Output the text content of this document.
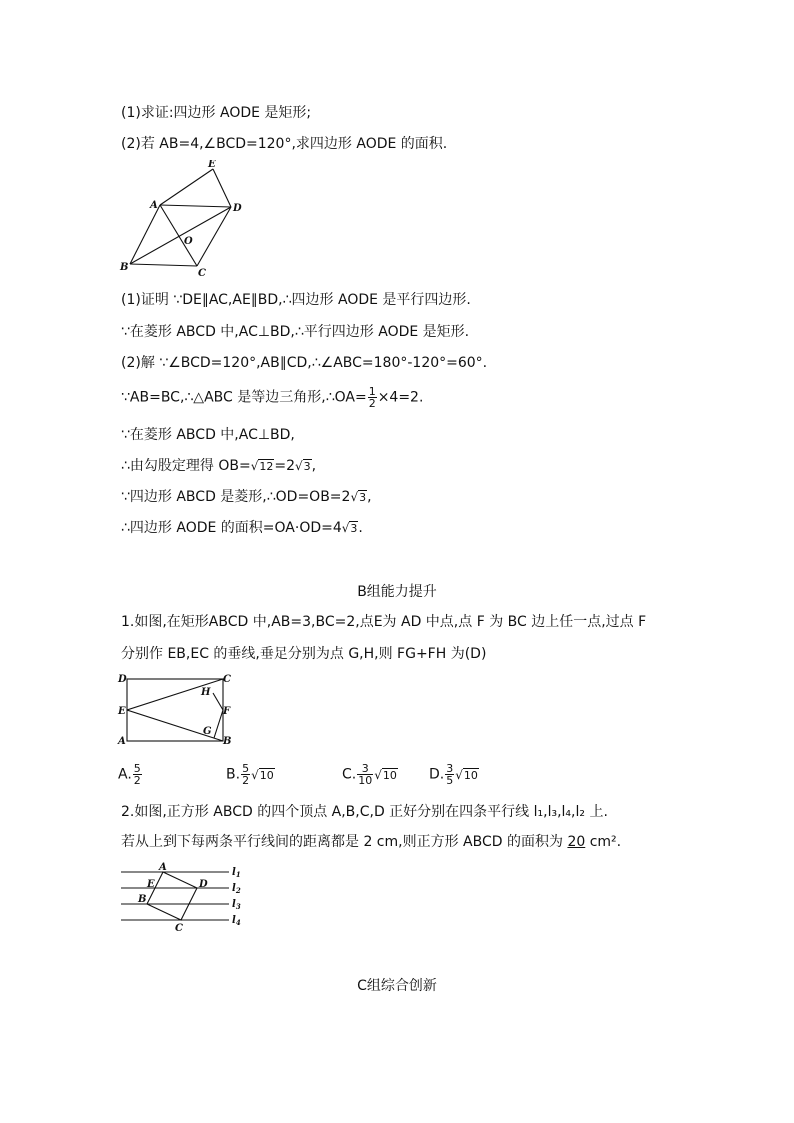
(1)求证:四边形 AODE 是矩形;
(2)若 AB=4,∠BCD=120°,求四边形 AODE 的面积.
A
B
C
D
E
O
(1)证明 ∵DE∥AC,AE∥BD,∴四边形 AODE 是平行四边形.
∵在菱形 ABCD 中,AC⊥BD,∴平行四边形 AODE 是矩形.
(2)解 ∵∠BCD=120°,AB∥CD,∴∠ABC=180°-120°=60°.
∵AB=BC,∴△ABC 是等边三角形,∴OA= $\frac{1}{2} \times 4=2$.
∵在菱形 ABCD 中,AC⊥BD,
∴由勾股定理得 OB=√12=2√3,
∵四边形 ABCD 是菱形,∴OD=OB=2√3,
∴四边形 AODE 的面积=OA·OD=4√3.
B组能力提升
1.如图,在矩形ABCD 中,AB=3,BC=2,点E为 AD 中点,点 F 为 BC 边上任一点,过点 F
分别作 EB,EC 的垂线,垂足分别为点 G,H,则 FG+FH 为(D)
D
E
A
C
F
B
H
G
A. $\frac{5}{2}$	B. $\frac{5}{2} √10$	C. $\frac{3}{10} √10$ D. $\frac{3}{5} √10$
2.如图,正方形 ABCD 的四个顶点 A,B,C,D 正好分别在四条平行线 l₁,l₃,l₄,l₂ 上.
若从上到下每两条平行线间的距离都是 2 cm,则正方形 ABCD 的面积为 20 cm².
A
B
C
D
E
$l_1$
$l_2$
$l_3$
$l_4$
C组综合创新
